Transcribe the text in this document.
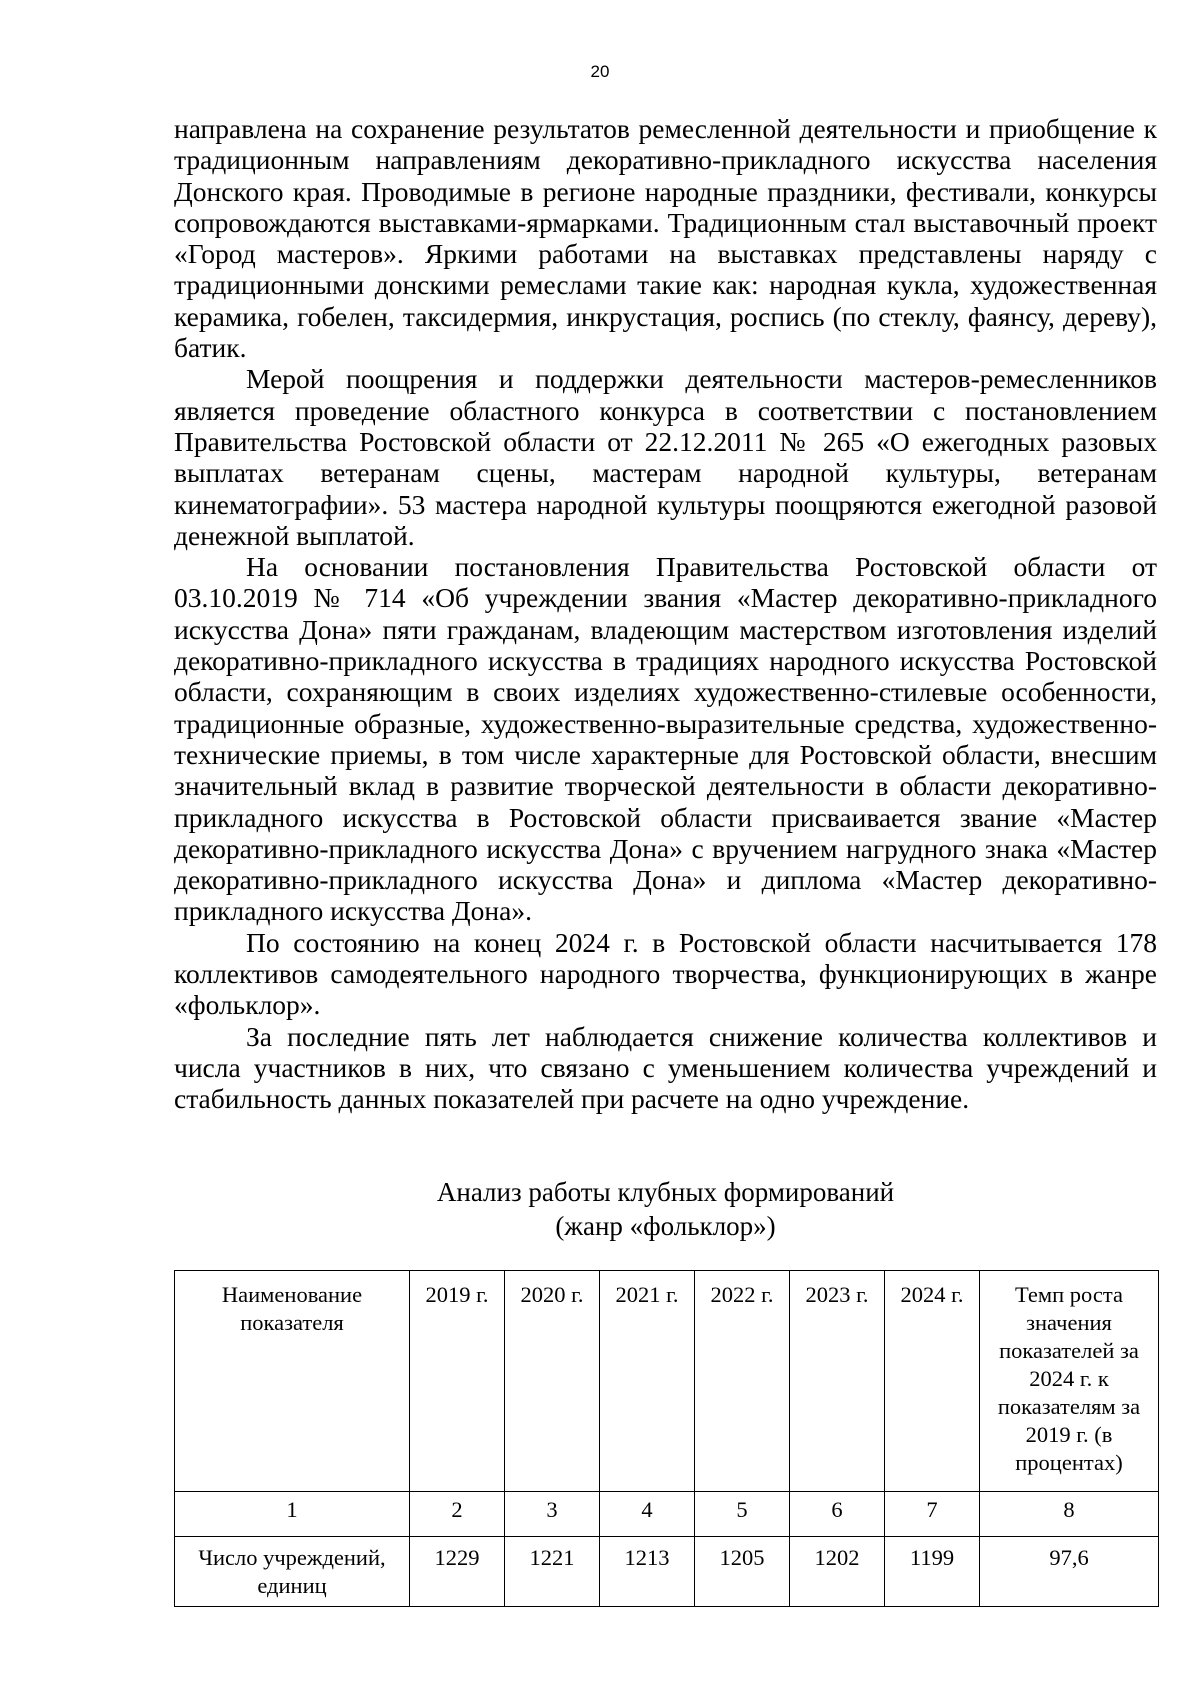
20

направлена на сохранение результатов ремесленной деятельности и приобщение к традиционным направлениям декоративно-прикладного искусства населения Донского края. Проводимые в регионе народные праздники, фестивали, конкурсы сопровождаются выставками-ярмарками. Традиционным стал выставочный проект «Город мастеров». Яркими работами на выставках представлены наряду с традиционными донскими ремеслами такие как: народная кукла, художественная керамика, гобелен, таксидермия, инкрустация, роспись (по стеклу, фаянсу, дереву), батик.

Мерой поощрения и поддержки деятельности мастеров-ремесленников является проведение областного конкурса в соответствии с постановлением Правительства Ростовской области от 22.12.2011 № 265 «О ежегодных разовых выплатах ветеранам сцены, мастерам народной культуры, ветеранам кинематографии». 53 мастера народной культуры поощряются ежегодной разовой денежной выплатой.

На основании постановления Правительства Ростовской области от 03.10.2019 № 714 «Об учреждении звания «Мастер декоративно-прикладного искусства Дона» пяти гражданам, владеющим мастерством изготовления изделий декоративно-прикладного искусства в традициях народного искусства Ростовской области, сохраняющим в своих изделиях художественно-стилевые особенности, традиционные образные, художественно-выразительные средства, художественно-технические приемы, в том числе характерные для Ростовской области, внесшим значительный вклад в развитие творческой деятельности в области декоративно-прикладного искусства в Ростовской области присваивается звание «Мастер декоративно-прикладного искусства Дона» с вручением нагрудного знака «Мастер декоративно-прикладного искусства Дона» и диплома «Мастер декоративно-прикладного искусства Дона».

По состоянию на конец 2024 г. в Ростовской области насчитывается 178 коллективов самодеятельного народного творчества, функционирующих в жанре «фольклор».

За последние пять лет наблюдается снижение количества коллективов и числа участников в них, что связано с уменьшением количества учреждений и стабильность данных показателей при расчете на одно учреждение.

Анализ работы клубных формирований
(жанр «фольклор»)
Наименование показателя	2019 г.	2020 г.	2021 г.	2022 г.	2023 г.	2024 г.	Темп роста значения показателей за 2024 г. к показателям за 2019 г. (в процентах)
1	2	3	4	5	6	7	8
Число учреждений, единиц	1229	1221	1213	1205	1202	1199	97,6
